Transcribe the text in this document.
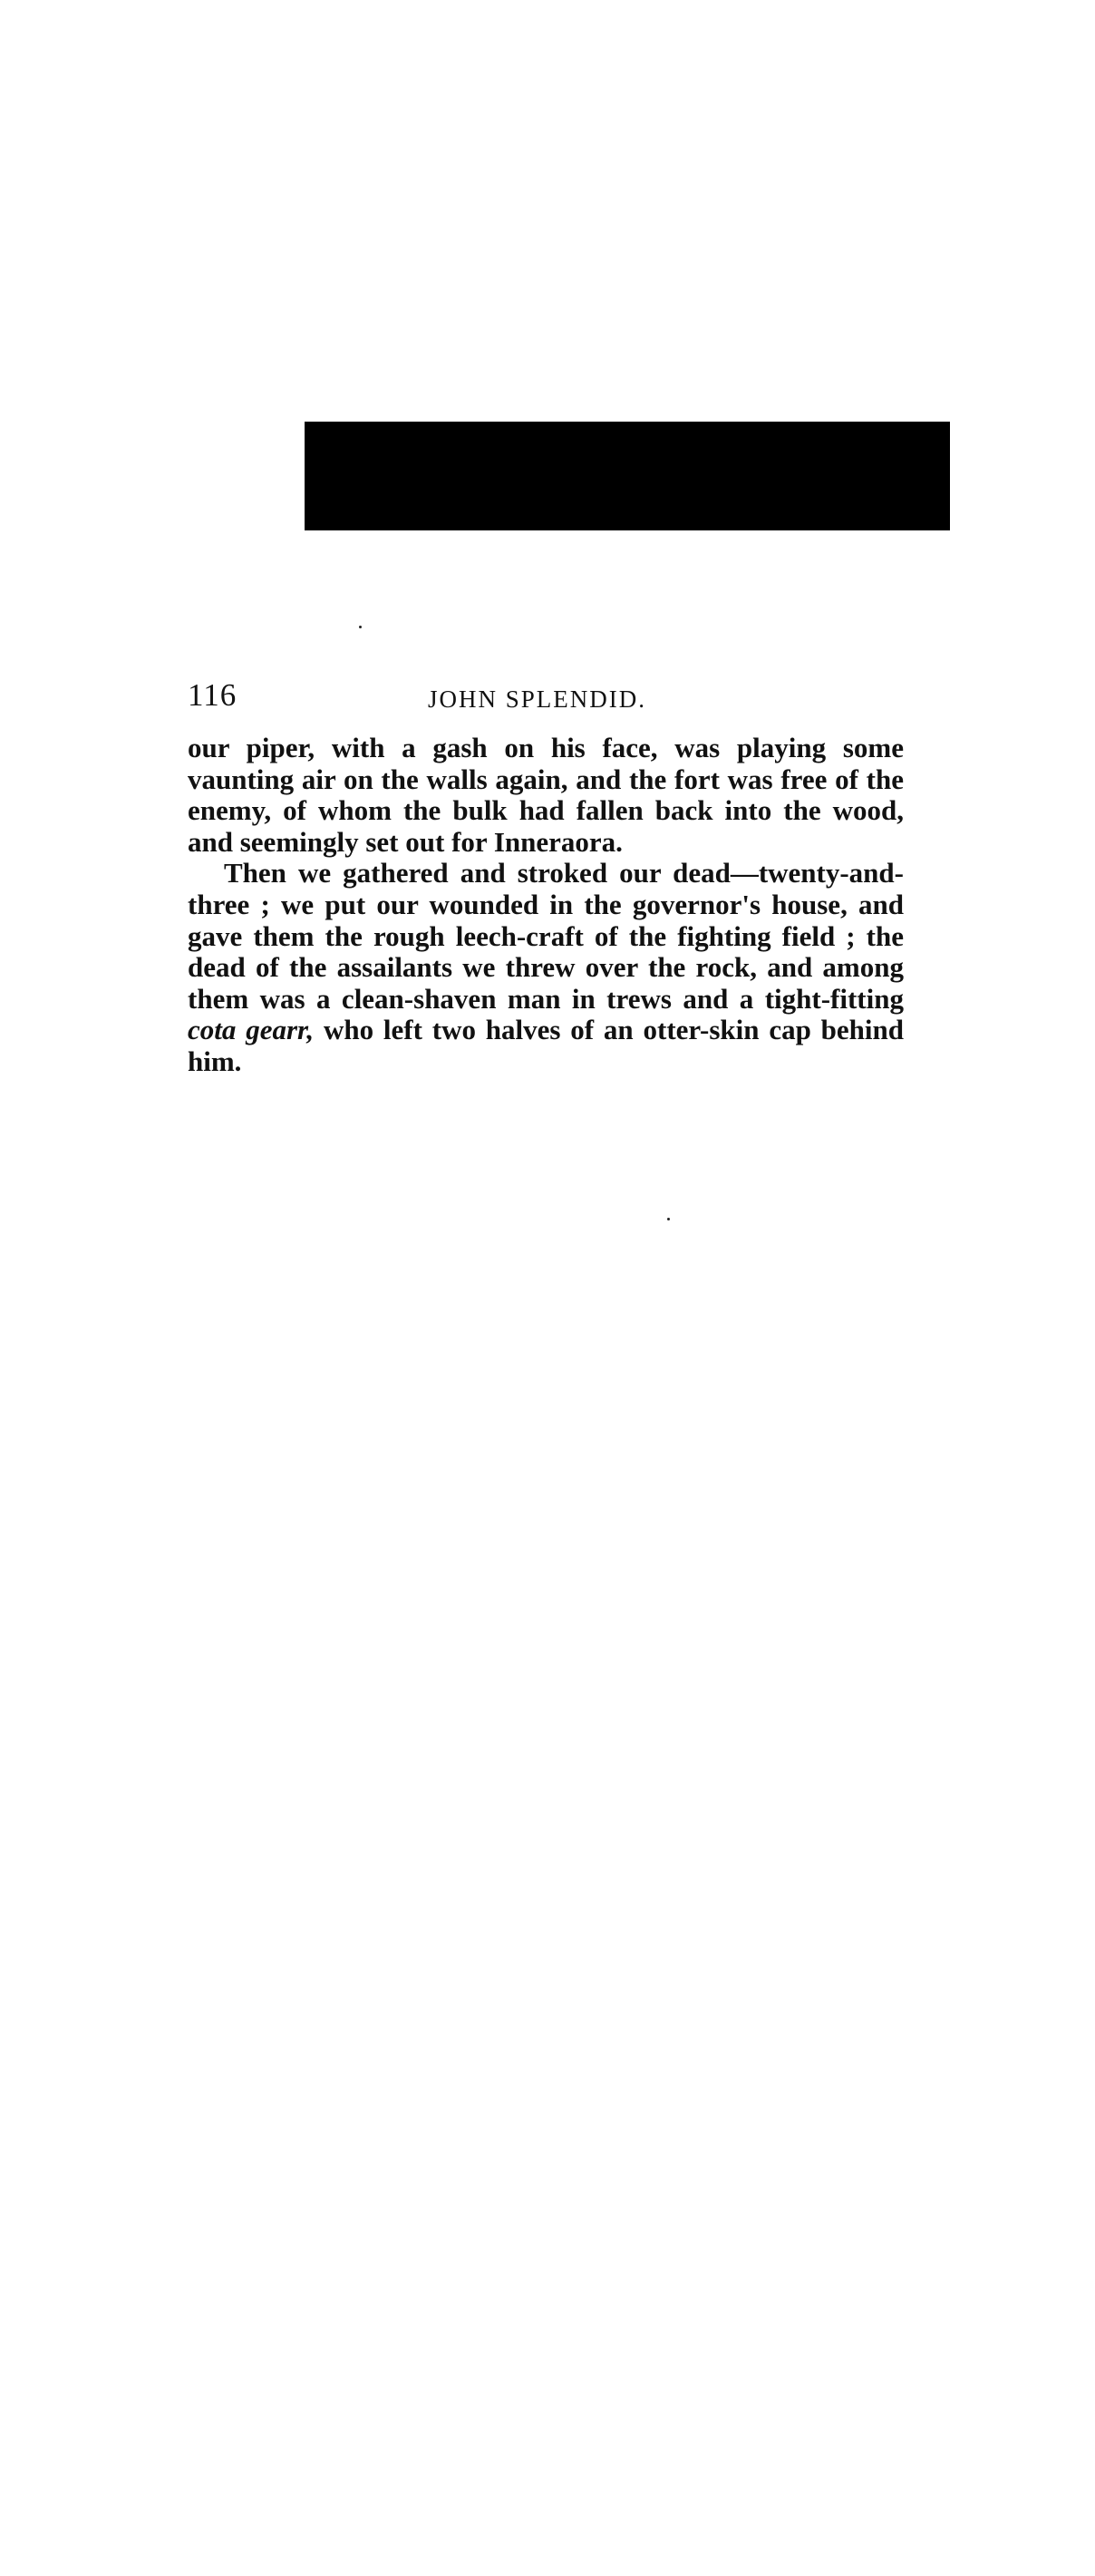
116	JOHN SPLENDID.

our piper, with a gash on his face, was playing some vaunting air on the walls again, and the fort was free of the enemy, of whom the bulk had fallen back into the wood, and seemingly set out for Inneraora.

Then we gathered and stroked our dead—twenty-and-three ; we put our wounded in the governor's house, and gave them the rough leech-craft of the fighting field ; the dead of the assailants we threw over the rock, and among them was a clean-shaven man in trews and a tight-fitting cota gearr, who left two halves of an otter-skin cap behind him.
